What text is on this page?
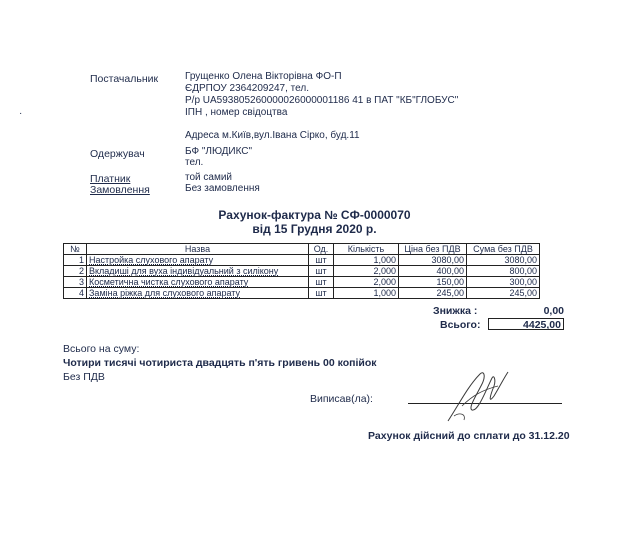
Постачальник	Грущенко Олена Вікторівна ФО-П
ЄДРПОУ 2364209247, тел.
Р/р UA593805260000026000001186 41 в ПАТ "КБ"ГЛОБУС"
ІПН , номер свідоцтва
·
Адреса м.Київ,вул.Івана Сірко, буд.11
Одержувач	БФ "ЛЮДИКС"
тел.
Платник	той самий
Замовлення	Без замовлення
Рахунок-фактура № СФ-0000070
від 15 Грудня 2020 р.
№	Назва	Од.	Кількість	Ціна без ПДВ	Сума без ПДВ
1	Настройка слухового апарату	шт	1,000	3080,00	3080,00
2	Вкладиші для вуха індивідуальний з силіконy	шт	2,000	400,00	800,00
3	Косметична чистка слухового апарату	шт	2,000	150,00	300,00
4	Заміна ріжка для слухового апарату	шт	1,000	245,00	245,00
Знижка :	0,00
Всього:	4425,00
Всього на суму:
Чотири тисячі чотириста двадцять п'ять гривень 00 копійок
Без ПДВ
Виписав(ла):
Рахунок дійсний до сплати до 31.12.20
